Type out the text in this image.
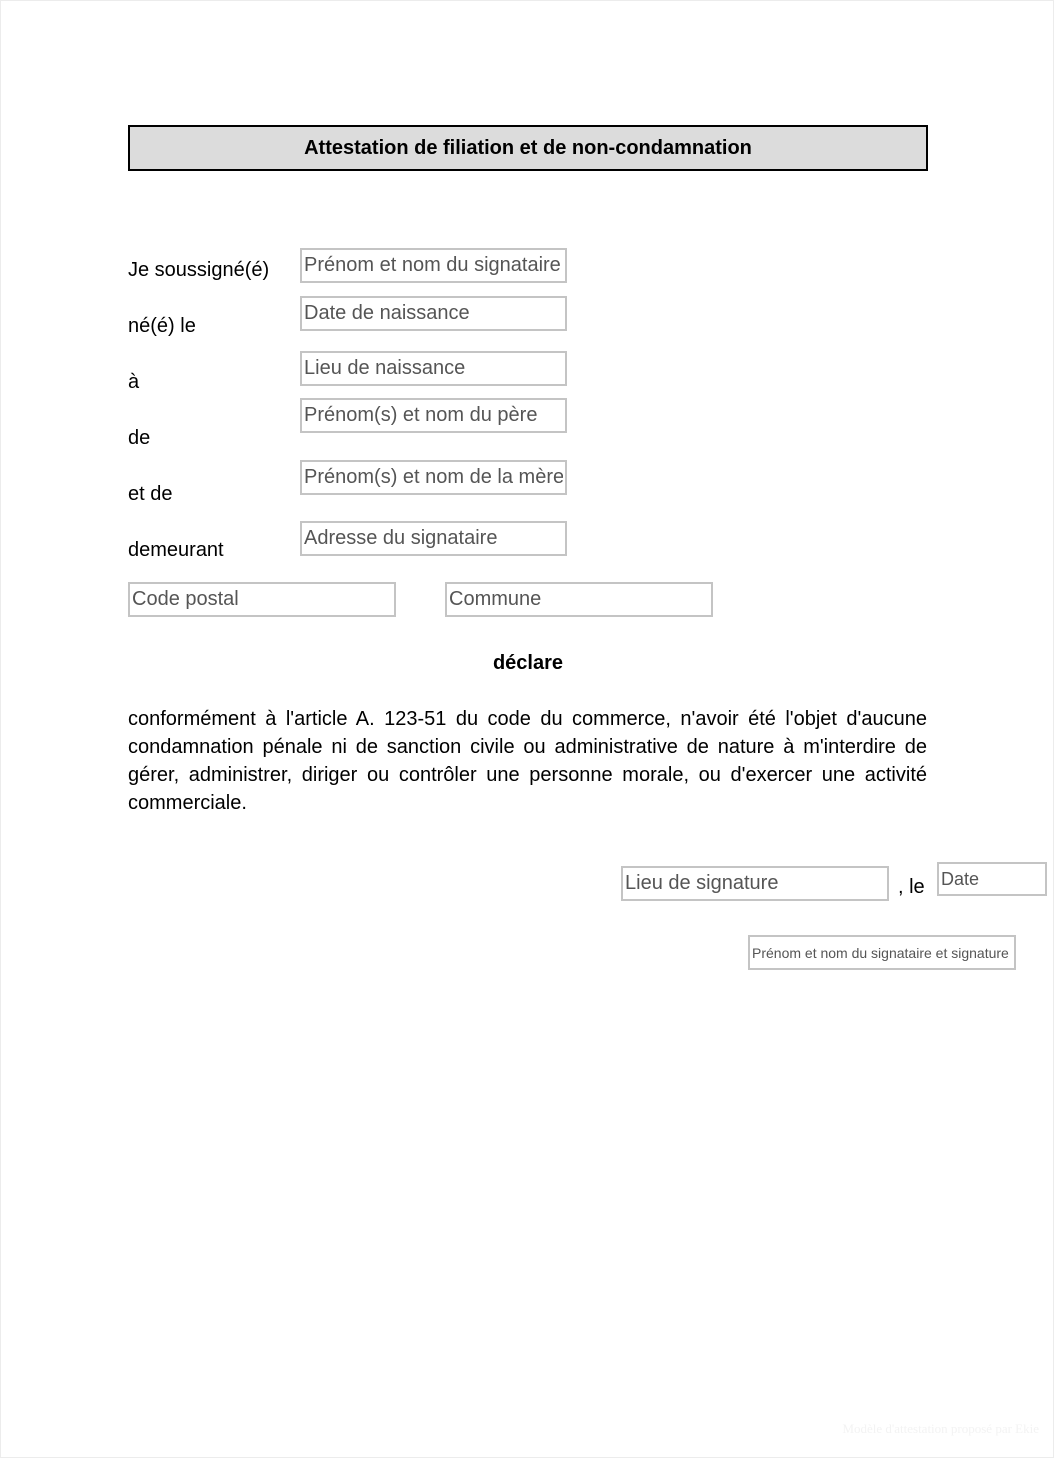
Attestation de filiation et de non-condamnation
Je soussigné(é)
Prénom et nom du signataire
né(é) le
Date de naissance
à
Lieu de naissance
de
Prénom(s) et nom du père
et de
Prénom(s) et nom de la mère
demeurant
Adresse du signataire
Code postal
Commune
déclare
conformément à l'article A. 123-51 du code du commerce, n'avoir été l'objet d'aucune condamnation pénale ni de sanction civile ou administrative de nature à m'interdire de gérer, administrer, diriger ou contrôler une personne morale, ou d'exercer une activité commerciale.
Lieu de signature
, le
Date
Prénom et nom du signataire et signature
Modèle d'attestation proposé par Ekie
